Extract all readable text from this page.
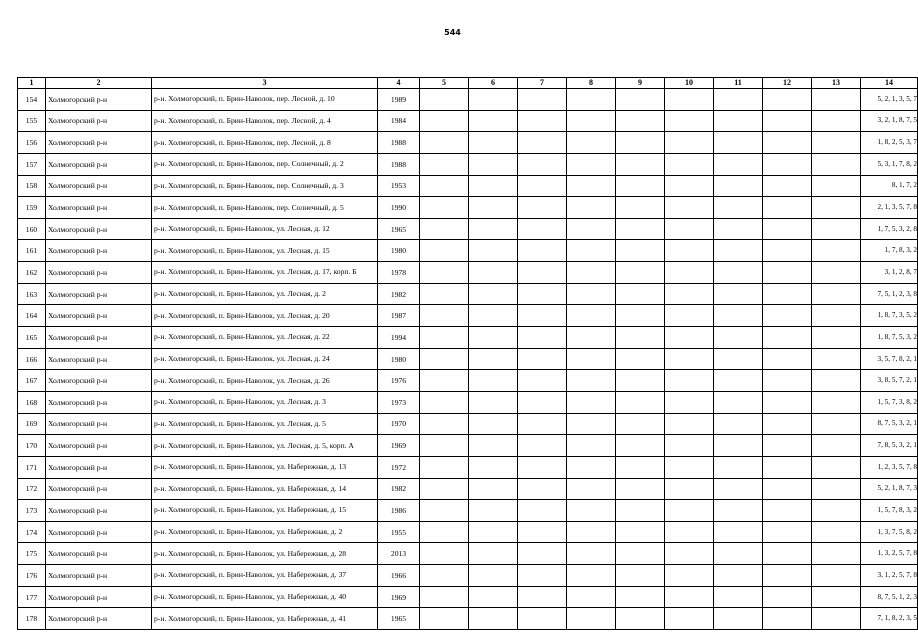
544
1	2	3	4	5	6	7	8	9	10	11	12	13	14
154	Холмогорский р-н	р-н. Холмогорский, п. Брин-Наволок, пер. Лесной, д. 10	1989										5, 2, 1, 3, 5, 7
155	Холмогорский р-н	р-н. Холмогорский, п. Брин-Наволок, пер. Лесной, д. 4	1984										3, 2, 1, 8, 7, 5
156	Холмогорский р-н	р-н. Холмогорский, п. Брин-Наволок, пер. Лесной, д. 8	1988										1, 8, 2, 5, 3, 7
157	Холмогорский р-н	р-н. Холмогорский, п. Брин-Наволок, пер. Солнечный, д. 2	1988										5, 3, 1, 7, 8, 2
158	Холмогорский р-н	р-н. Холмогорский, п. Брин-Наволок, пер. Солнечный, д. 3	1953										8, 1, 7, 2
159	Холмогорский р-н	р-н. Холмогорский, п. Брин-Наволок, пер. Солнечный, д. 5	1990										2, 1, 3, 5, 7, 8
160	Холмогорский р-н	р-н. Холмогорский, п. Брин-Наволок, ул. Лесная, д. 12	1965										1, 7, 5, 3, 2, 8
161	Холмогорский р-н	р-н. Холмогорский, п. Брин-Наволок, ул. Лесная, д. 15	1980										1, 7, 8, 3, 2
162	Холмогорский р-н	р-н. Холмогорский, п. Брин-Наволок, ул. Лесная, д. 17, корп. Б	1978										3, 1, 2, 8, 7
163	Холмогорский р-н	р-н. Холмогорский, п. Брин-Наволок, ул. Лесная, д. 2	1982										7, 5, 1, 2, 3, 8
164	Холмогорский р-н	р-н. Холмогорский, п. Брин-Наволок, ул. Лесная, д. 20	1987										1, 8, 7, 3, 5, 2
165	Холмогорский р-н	р-н. Холмогорский, п. Брин-Наволок, ул. Лесная, д. 22	1994										1, 8, 7, 5, 3, 2
166	Холмогорский р-н	р-н. Холмогорский, п. Брин-Наволок, ул. Лесная, д. 24	1980										3, 5, 7, 8, 2, 1
167	Холмогорский р-н	р-н. Холмогорский, п. Брин-Наволок, ул. Лесная, д. 26	1976										3, 8, 5, 7, 2, 1
168	Холмогорский р-н	р-н. Холмогорский, п. Брин-Наволок, ул. Лесная, д. 3	1973										1, 5, 7, 3, 8, 2
169	Холмогорский р-н	р-н. Холмогорский, п. Брин-Наволок, ул. Лесная, д. 5	1970										8, 7, 5, 3, 2, 1
170	Холмогорский р-н	р-н. Холмогорский, п. Брин-Наволок, ул. Лесная, д. 5, корп. А	1969										7, 8, 5, 3, 2, 1
171	Холмогорский р-н	р-н. Холмогорский, п. Брин-Наволок, ул. Набережная, д. 13	1972										1, 2, 3, 5, 7, 8
172	Холмогорский р-н	р-н. Холмогорский, п. Брин-Наволок, ул. Набережная, д. 14	1982										5, 2, 1, 8, 7, 3
173	Холмогорский р-н	р-н. Холмогорский, п. Брин-Наволок, ул. Набережная, д. 15	1986										1, 5, 7, 8, 3, 2
174	Холмогорский р-н	р-н. Холмогорский, п. Брин-Наволок, ул. Набережная, д. 2	1955										1, 3, 7, 5, 8, 2
175	Холмогорский р-н	р-н. Холмогорский, п. Брин-Наволок, ул. Набережная, д. 28	2013										1, 3, 2, 5, 7, 8
176	Холмогорский р-н	р-н. Холмогорский, п. Брин-Наволок, ул. Набережная, д. 37	1966										3, 1, 2, 5, 7, 8
177	Холмогорский р-н	р-н. Холмогорский, п. Брин-Наволок, ул. Набережная, д. 40	1969										8, 7, 5, 1, 2, 3
178	Холмогорский р-н	р-н. Холмогорский, п. Брин-Наволок, ул. Набережная, д. 41	1965										7, 1, 8, 2, 3, 5
